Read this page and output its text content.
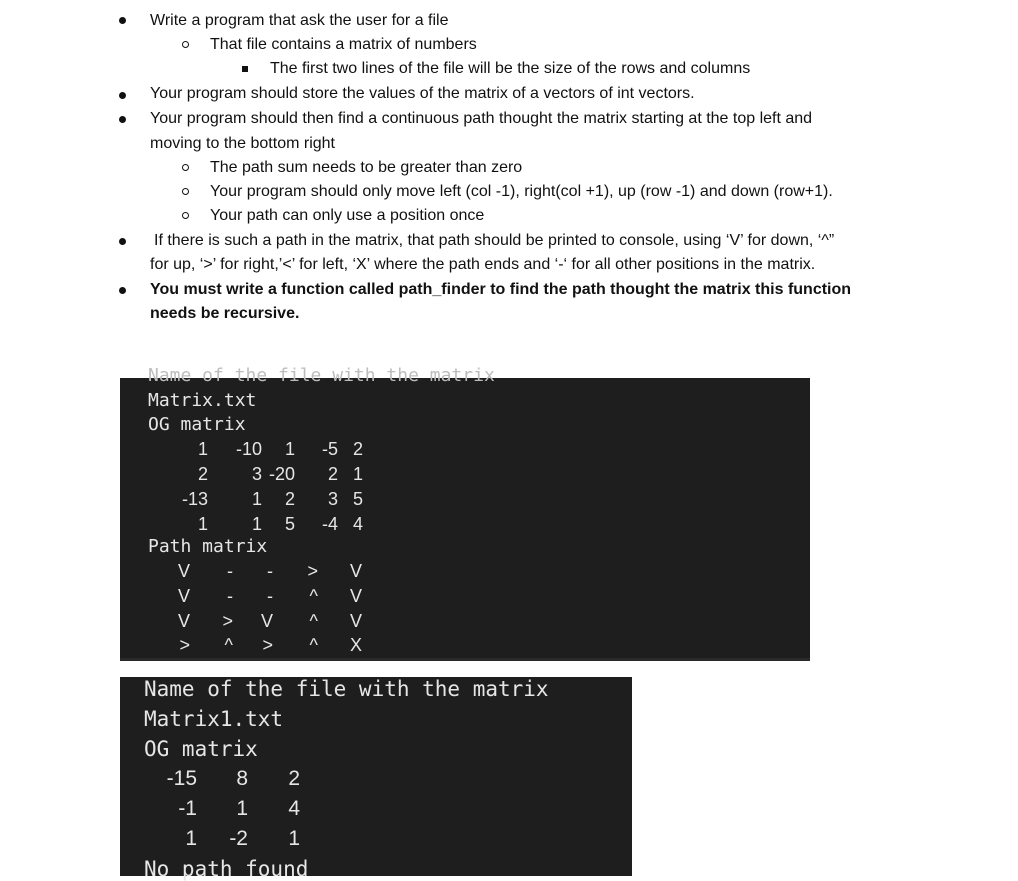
Write a program that ask the user for a file
That file contains a matrix of numbers
The first two lines of the file will be the size of the rows and columns
Your program should store the values of the matrix of a vectors of int vectors.
Your program should then find a continuous path thought the matrix starting at the top left and
moving to the bottom right
The path sum needs to be greater than zero
Your program should only move left (col -1), right(col +1), up (row -1) and down (row+1).
Your path can only use a position once
If there is such a path in the matrix, that path should be printed to console, using ‘V’ for down, ‘^”
for up, ‘>’ for right,’<’ for left, ‘X’ where the path ends and ‘-‘ for all other positions in the matrix.
You must write a function called path_finder to find the path thought the matrix this function
needs be recursive.
Name of the file with the matrix
Matrix.txt
OG matrix
1	-10	1	-5 2
2	3 -20	2 1
-13	1	2	3 5
1	1	5	-4 4
Path matrix
V	-	-	>	V
V	-	-	^	V
V	>	V	^	V
>	^	>	^	X
Name of the file with the matrix
Matrix1.txt
OG matrix
-15	8	2
-1	1	4
1	-2	1
No path found
